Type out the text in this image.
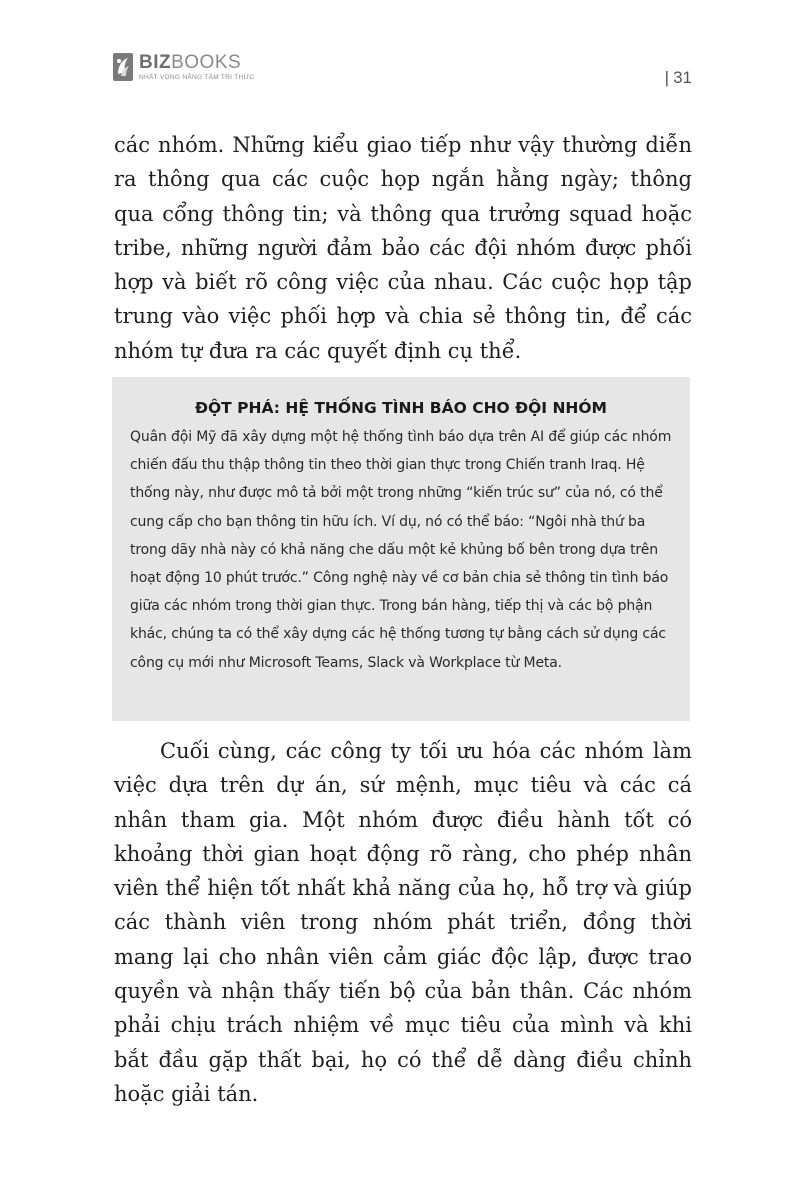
BIZBOOKS
NHẤT VỌNG NÂNG TẦM TRI THỨC	| 31

các nhóm. Những kiểu giao tiếp như vậy thường diễn ra thông qua các cuộc họp ngắn hằng ngày; thông qua cổng thông tin; và thông qua trưởng squad hoặc tribe, những người đảm bảo các đội nhóm được phối hợp và biết rõ công việc của nhau. Các cuộc họp tập trung vào việc phối hợp và chia sẻ thông tin, để các nhóm tự đưa ra các quyết định cụ thể.

ĐỘT PHÁ: HỆ THỐNG TÌNH BÁO CHO ĐỘI NHÓM

Quân đội Mỹ đã xây dựng một hệ thống tình báo dựa trên AI để giúp các nhóm chiến đấu thu thập thông tin theo thời gian thực trong Chiến tranh Iraq. Hệ thống này, như được mô tả bởi một trong những “kiến trúc sư” của nó, có thể cung cấp cho bạn thông tin hữu ích. Ví dụ, nó có thể báo: “Ngôi nhà thứ ba trong dãy nhà này có khả năng che dấu một kẻ khủng bố bên trong dựa trên hoạt động 10 phút trước.” Công nghệ này về cơ bản chia sẻ thông tin tình báo giữa các nhóm trong thời gian thực. Trong bán hàng, tiếp thị và các bộ phận khác, chúng ta có thể xây dựng các hệ thống tương tự bằng cách sử dụng các công cụ mới như Microsoft Teams, Slack và Workplace từ Meta.

Cuối cùng, các công ty tối ưu hóa các nhóm làm việc dựa trên dự án, sứ mệnh, mục tiêu và các cá nhân tham gia. Một nhóm được điều hành tốt có khoảng thời gian hoạt động rõ ràng, cho phép nhân viên thể hiện tốt nhất khả năng của họ, hỗ trợ và giúp các thành viên trong nhóm phát triển, đồng thời mang lại cho nhân viên cảm giác độc lập, được trao quyền và nhận thấy tiến bộ của bản thân. Các nhóm phải chịu trách nhiệm về mục tiêu của mình và khi bắt đầu gặp thất bại, họ có thể dễ dàng điều chỉnh hoặc giải tán.
